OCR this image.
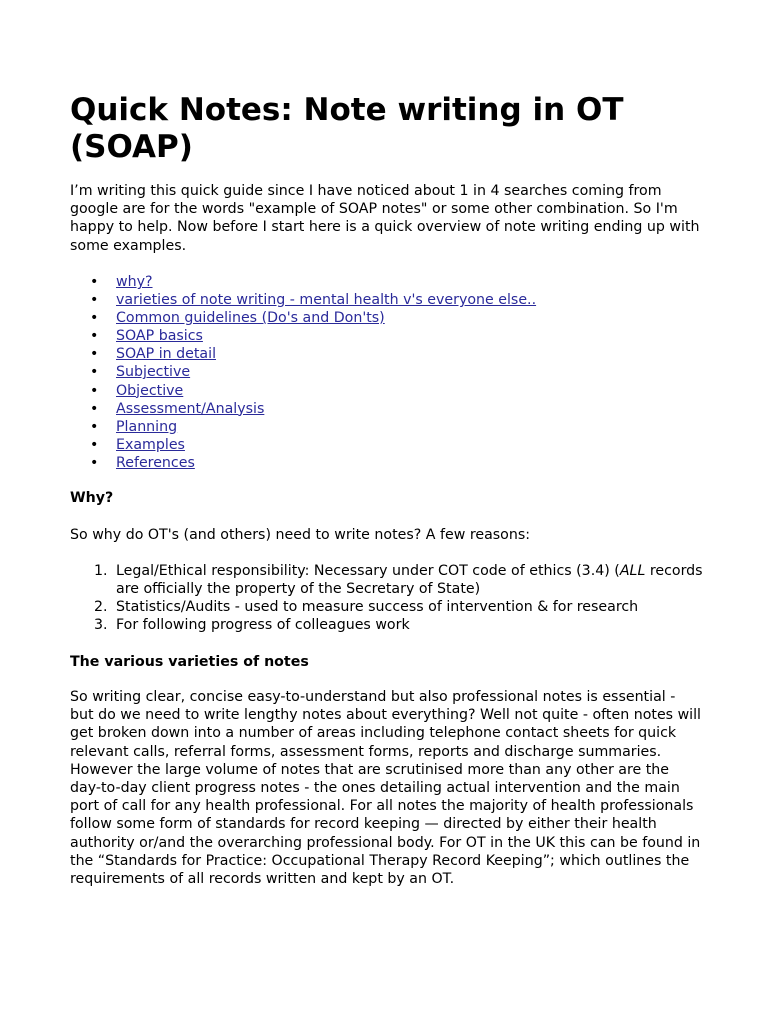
Quick Notes: Note writing in OT (SOAP)

I’m writing this quick guide since I have noticed about 1 in 4 searches coming from google are for the words "example of SOAP notes" or some other combination. So I'm happy to help. Now before I start here is a quick overview of note writing ending up with some examples.

• why?
• varieties of note writing - mental health v's everyone else..
• Common guidelines (Do's and Don'ts)
• SOAP basics
• SOAP in detail
• Subjective
• Objective
• Assessment/Analysis
• Planning
• Examples
• References
Why?

So why do OT's (and others) need to write notes? A few reasons:

1. Legal/Ethical responsibility: Necessary under COT code of ethics (3.4) (ALL records are officially the property of the Secretary of State)
2. Statistics/Audits - used to measure success of intervention & for research
3. For following progress of colleagues work
The various varieties of notes

So writing clear, concise easy-to-understand but also professional notes is essential - but do we need to write lengthy notes about everything? Well not quite - often notes will get broken down into a number of areas including telephone contact sheets for quick relevant calls, referral forms, assessment forms, reports and discharge summaries. However the large volume of notes that are scrutinised more than any other are the day-to-day client progress notes - the ones detailing actual intervention and the main port of call for any health professional. For all notes the majority of health professionals follow some form of standards for record keeping — directed by either their health authority or/and the overarching professional body. For OT in the UK this can be found in the “Standards for Practice: Occupational Therapy Record Keeping”; which outlines the requirements of all records written and kept by an OT.
